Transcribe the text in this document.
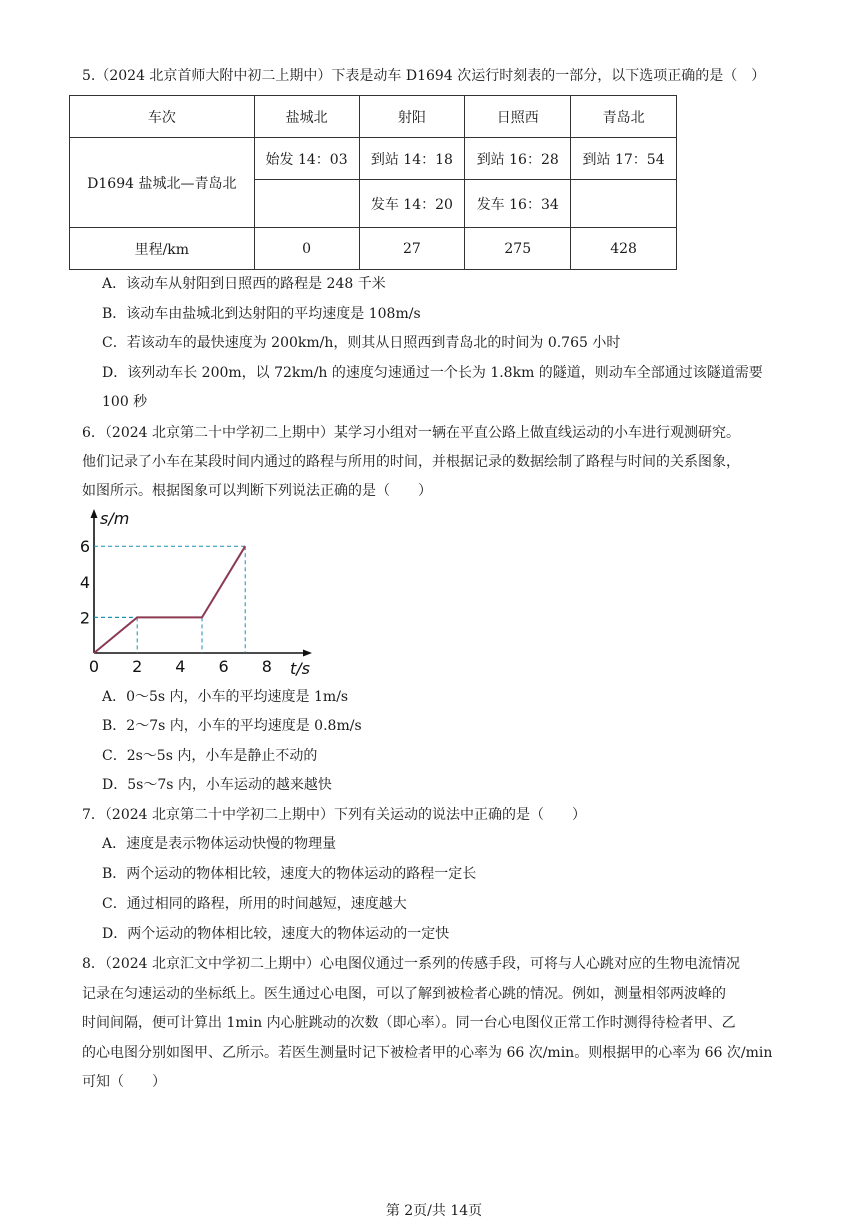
5.（2024 北京首师大附中初二上期中）下表是动车 D1694 次运行时刻表的一部分，以下选项正确的是（　）
车次	盐城北	射阳	日照西	青岛北
D1694 盐城北—青岛北	始发 14：03	到站 14：18	到站 16：28	到站 17：54
		发车 14：20	发车 16：34	
里程/km	0	27	275	428
A．该动车从射阳到日照西的路程是 248 千米
B．该动车由盐城北到达射阳的平均速度是 108m/s
C．若该动车的最快速度为 200km/h，则其从日照西到青岛北的时间为 0.765 小时
D．该列动车长 200m，以 72km/h 的速度匀速通过一个长为 1.8km 的隧道，则动车全部通过该隧道需要
100 秒
6．（2024 北京第二十中学初二上期中）某学习小组对一辆在平直公路上做直线运动的小车进行观测研究。
他们记录了小车在某段时间内通过的路程与所用的时间，并根据记录的数据绘制了路程与时间的关系图象，
如图所示。根据图象可以判断下列说法正确的是（　　）
0 2 4 6 8
2
4
6
s/m
t/s
A．0～5s 内，小车的平均速度是 1m/s
B．2～7s 内，小车的平均速度是 0.8m/s
C．2s～5s 内，小车是静止不动的
D．5s～7s 内，小车运动的越来越快
7．（2024 北京第二十中学初二上期中）下列有关运动的说法中正确的是（　　）
A．速度是表示物体运动快慢的物理量
B．两个运动的物体相比较，速度大的物体运动的路程一定长
C．通过相同的路程，所用的时间越短，速度越大
D．两个运动的物体相比较，速度大的物体运动的一定快
8．（2024 北京汇文中学初二上期中）心电图仪通过一系列的传感手段，可将与人心跳对应的生物电流情况
记录在匀速运动的坐标纸上。医生通过心电图，可以了解到被检者心跳的情况。例如，测量相邻两波峰的
时间间隔，便可计算出 1min 内心脏跳动的次数（即心率）。同一台心电图仪正常工作时测得待检者甲、乙
的心电图分别如图甲、乙所示。若医生测量时记下被检者甲的心率为 66 次/min。则根据甲的心率为 66 次/min
可知（　　）
第 2页/共 14页
